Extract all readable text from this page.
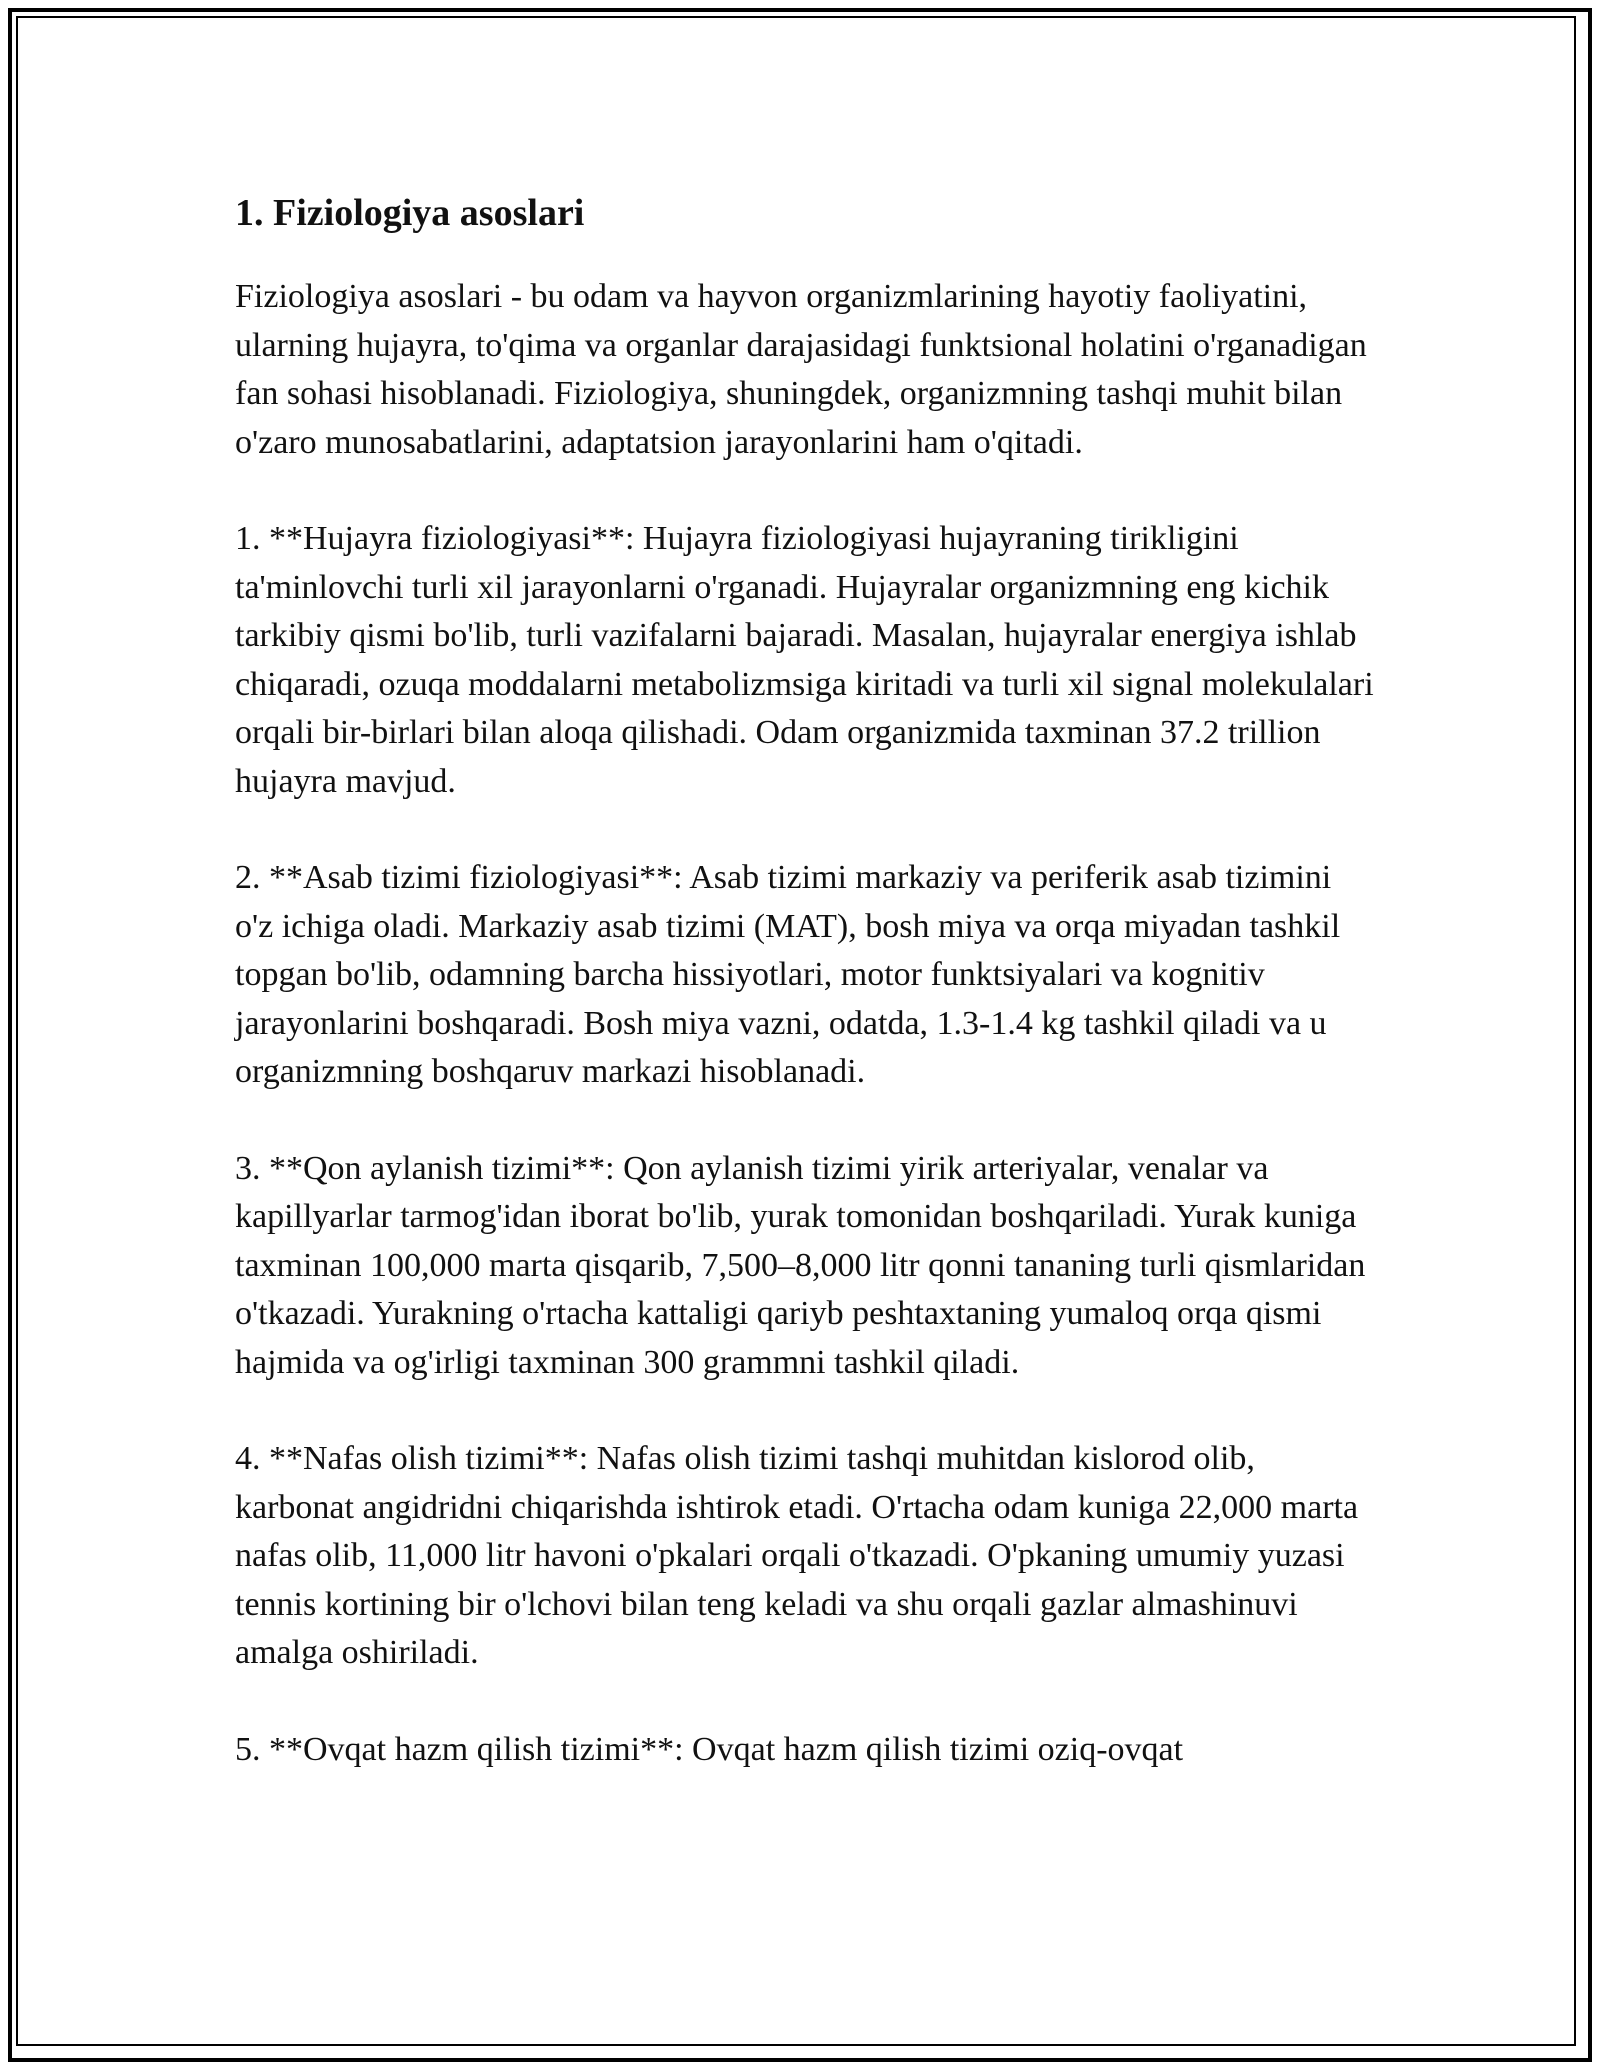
1. Fiziologiya asoslari

Fiziologiya asoslari - bu odam va hayvon organizmlarining hayotiy faoliyatini, ularning hujayra, to'qima va organlar darajasidagi funktsional holatini o'rganadigan fan sohasi hisoblanadi. Fiziologiya, shuningdek, organizmning tashqi muhit bilan o'zaro munosabatlarini, adaptatsion jarayonlarini ham o'qitadi.

1. **Hujayra fiziologiyasi**: Hujayra fiziologiyasi hujayraning tirikligini ta'minlovchi turli xil jarayonlarni o'rganadi. Hujayralar organizmning eng kichik tarkibiy qismi bo'lib, turli vazifalarni bajaradi. Masalan, hujayralar energiya ishlab chiqaradi, ozuqa moddalarni metabolizmsiga kiritadi va turli xil signal molekulalari orqali bir-birlari bilan aloqa qilishadi. Odam organizmida taxminan 37.2 trillion hujayra mavjud.

2. **Asab tizimi fiziologiyasi**: Asab tizimi markaziy va periferik asab tizimini o'z ichiga oladi. Markaziy asab tizimi (MAT), bosh miya va orqa miyadan tashkil topgan bo'lib, odamning barcha hissiyotlari, motor funktsiyalari va kognitiv jarayonlarini boshqaradi. Bosh miya vazni, odatda, 1.3-1.4 kg tashkil qiladi va u organizmning boshqaruv markazi hisoblanadi.

3. **Qon aylanish tizimi**: Qon aylanish tizimi yirik arteriyalar, venalar va kapillyarlar tarmog'idan iborat bo'lib, yurak tomonidan boshqariladi. Yurak kuniga taxminan 100,000 marta qisqarib, 7,500–8,000 litr qonni tananing turli qismlaridan o'tkazadi. Yurakning o'rtacha kattaligi qariyb peshtaxtaning yumaloq orqa qismi hajmida va og'irligi taxminan 300 grammni tashkil qiladi.

4. **Nafas olish tizimi**: Nafas olish tizimi tashqi muhitdan kislorod olib, karbonat angidridni chiqarishda ishtirok etadi. O'rtacha odam kuniga 22,000 marta nafas olib, 11,000 litr havoni o'pkalari orqali o'tkazadi. O'pkaning umumiy yuzasi tennis kortining bir o'lchovi bilan teng keladi va shu orqali gazlar almashinuvi amalga oshiriladi.

5. **Ovqat hazm qilish tizimi**: Ovqat hazm qilish tizimi oziq-ovqat
